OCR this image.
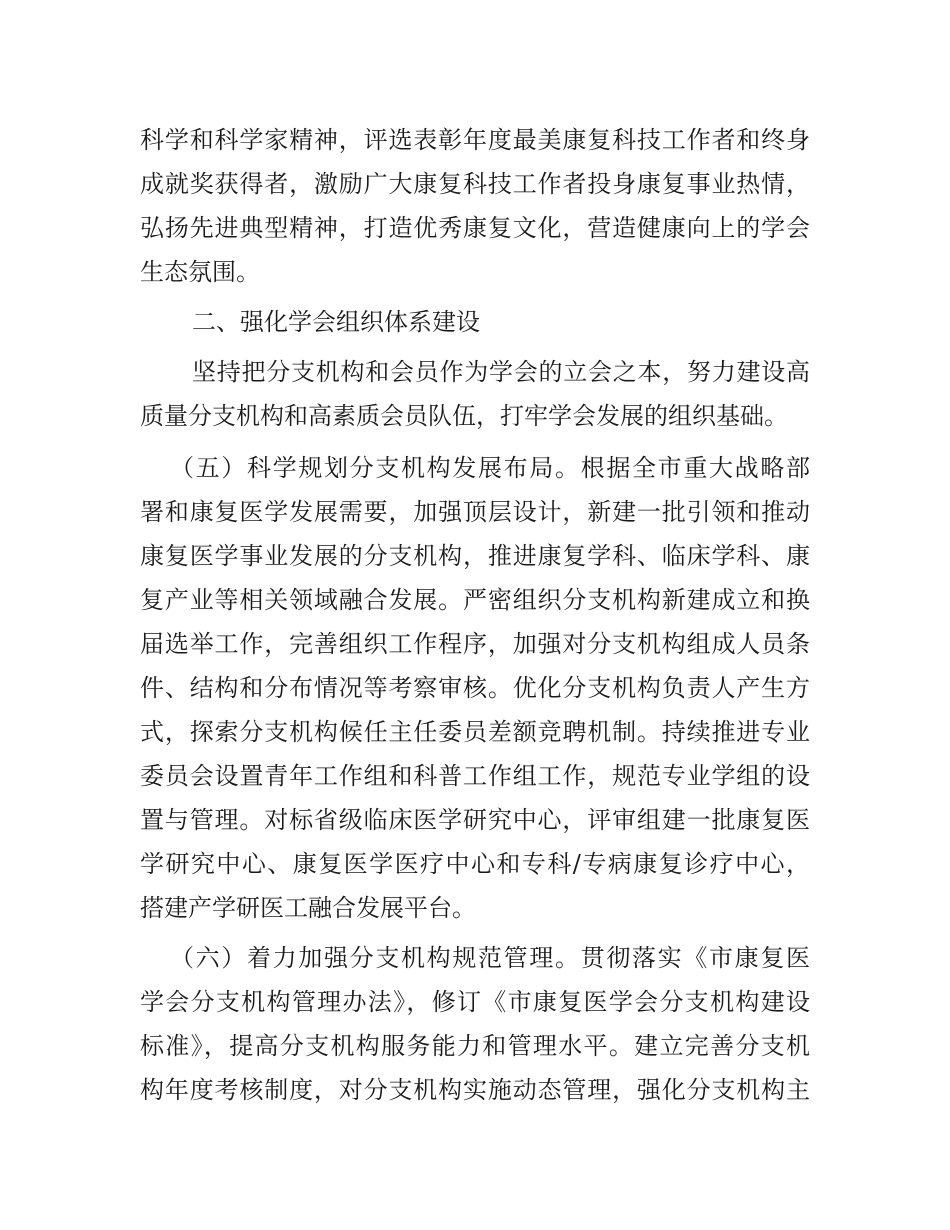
科学和科学家精神，评选表彰年度最美康复科技工作者和终身
成就奖获得者，激励广大康复科技工作者投身康复事业热情，
弘扬先进典型精神，打造优秀康复文化，营造健康向上的学会
生态氛围。
二、强化学会组织体系建设
坚持把分支机构和会员作为学会的立会之本，努力建设高
质量分支机构和高素质会员队伍，打牢学会发展的组织基础。
（五）科学规划分支机构发展布局。根据全市重大战略部
署和康复医学发展需要，加强顶层设计，新建一批引领和推动
康复医学事业发展的分支机构，推进康复学科、临床学科、康
复产业等相关领域融合发展。严密组织分支机构新建成立和换
届选举工作，完善组织工作程序，加强对分支机构组成人员条
件、结构和分布情况等考察审核。优化分支机构负责人产生方
式，探索分支机构候任主任委员差额竞聘机制。持续推进专业
委员会设置青年工作组和科普工作组工作，规范专业学组的设
置与管理。对标省级临床医学研究中心，评审组建一批康复医
学研究中心、康复医学医疗中心和专科/专病康复诊疗中心，
搭建产学研医工融合发展平台。
（六）着力加强分支机构规范管理。贯彻落实《市康复医
学会分支机构管理办法》，修订《市康复医学会分支机构建设
标准》，提高分支机构服务能力和管理水平。建立完善分支机
构年度考核制度，对分支机构实施动态管理，强化分支机构主
